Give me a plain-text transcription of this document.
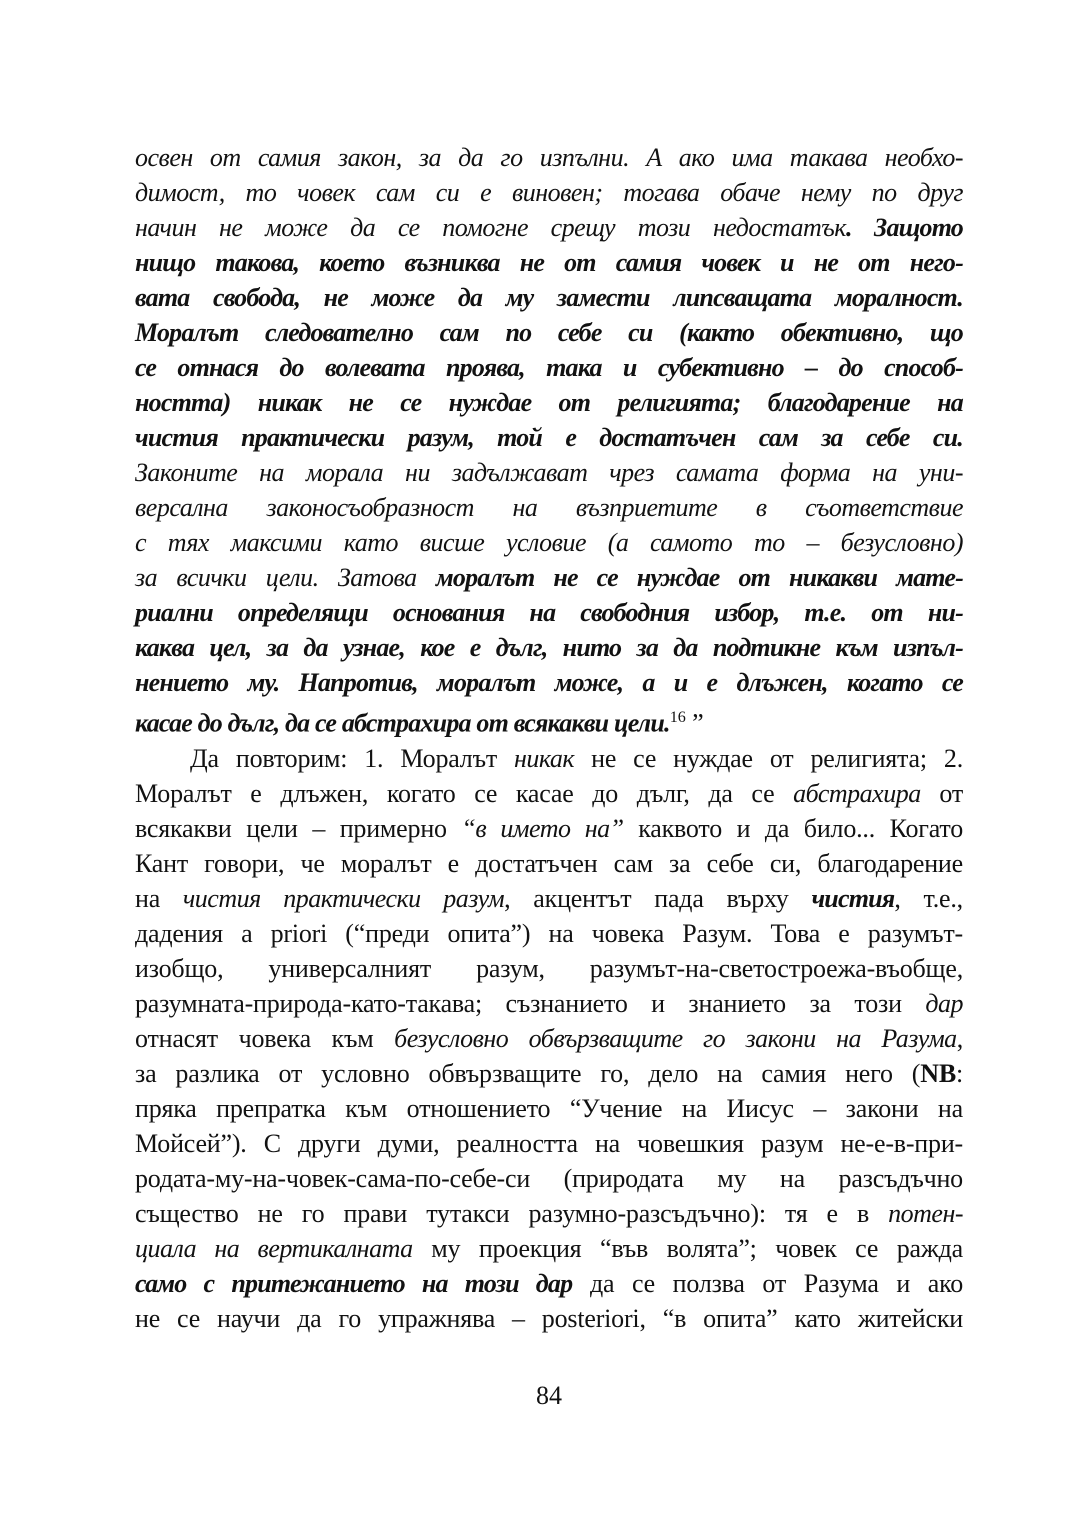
освен от самия закон, за да го изпълни. А ако има такава необхо-
димост, то човек сам си е виновен; тогава обаче нему по друг
начин не може да се помогне срещу този недостатък. Защото
нищо такова, което възниква не от самия човек и не от него-
вата свобода, не може да му замести липсващата моралност.
Моралът следователно сам по себе си (както обективно, що
се отнася до волевата проява, така и субективно – до способ-
ността) никак не се нуждае от религията; благодарение на
чистия практически разум, той е достатъчен сам за себе си.
Законите на морала ни задължават чрез самата форма на уни-
версална законосъобразност на възприетите в съответствие
с тях максими като висше условие (а самото то – безусловно)
за всички цели. Затова моралът не се нуждае от никакви мате-
риални определящи основания на свободния избор, т.е. от ни-
каква цел, за да узнае, кое е дълг, нито за да подтикне към изпъл-
нението му. Напротив, моралът може, а и е длъжен, когато се
касае до дълг, да се абстрахира от всякакви цели.$^{16}$ ”
Да повторим: 1. Моралът никак не се нуждае от религията; 2.
Моралът е длъжен, когато се касае до дълг, да се абстрахира от
всякакви цели – примерно “в името на” каквото и да било... Когато
Кант говори, че моралът е достатъчен сам за себе си, благодарение
на чистия практически разум, акцентът пада върху чистия, т.е.,
дадения a priori (“преди опита”) на човека Разум. Това е разумът-
изобщо, универсалният разум, разумът-на-светостроежа-въобще,
разумната-природа-като-такава; съзнанието и знанието за този дар
отнасят човека към безусловно обвързващите го закони на Разума,
за разлика от условно обвързващите го, дело на самия него (NB:
пряка препратка към отношението “Учение на Иисус – закони на
Мойсей”). С други думи, реалността на човешкия разум не-е-в-при-
родата-му-на-човек-сама-по-себе-си (природата му на разсъдъчно
същество не го прави тутакси разумно-разсъдъчно): тя е в потен-
циала на вертикалната му проекция “във волята”; човек се ражда
само с притежанието на този дар да се ползва от Разума и ако
не се научи да го упражнява – posteriori, “в опита” като житейски
84
